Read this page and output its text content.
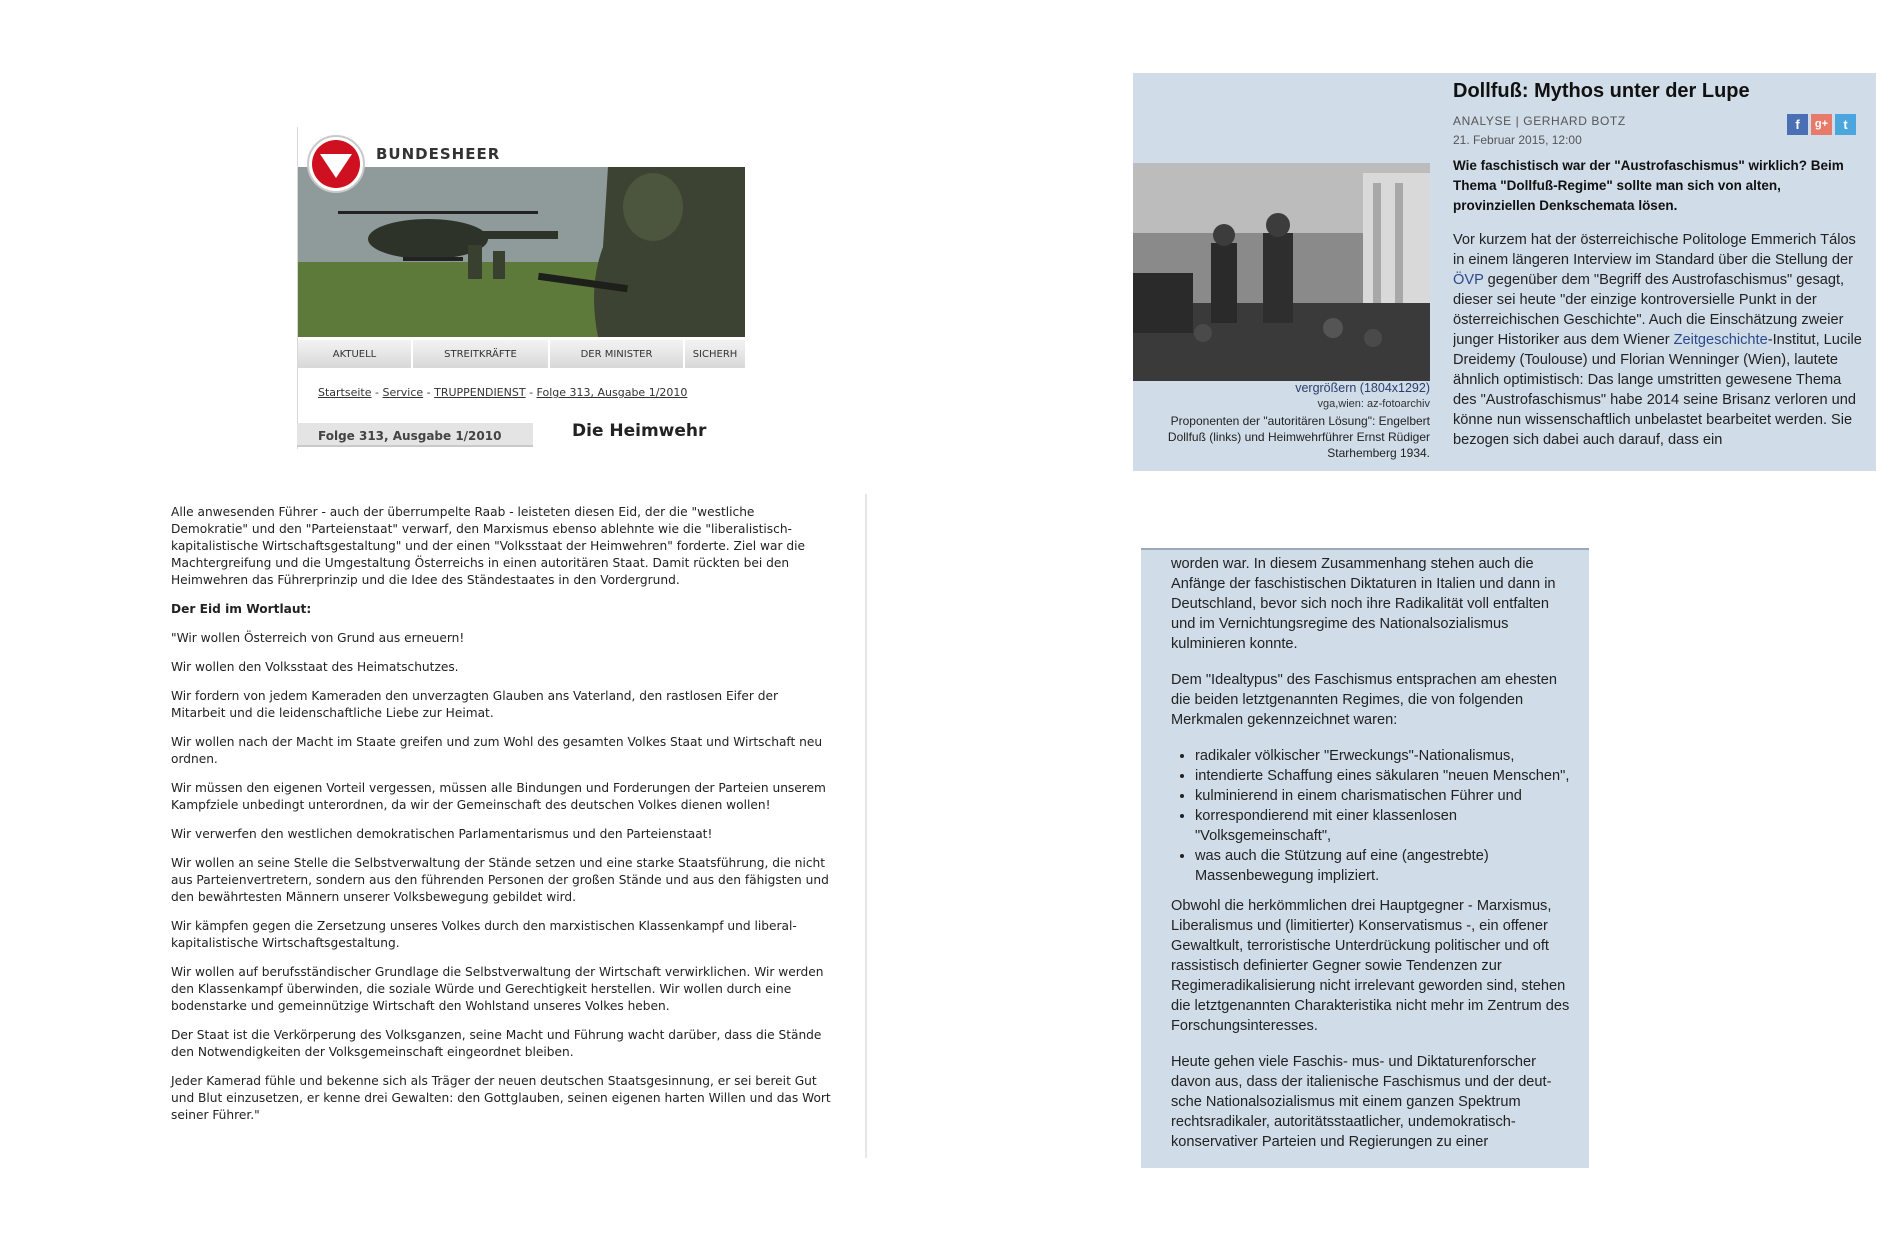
BUNDESHEER
AKTUELL	STREITKRÄFTE	DER MINISTER	SICHERH
Startseite - Service - TRUPPENDIENST - Folge 313, Ausgabe 1/2010
Folge 313, Ausgabe 1/2010	Die Heimwehr

Alle anwesenden Führer - auch der überrumpelte Raab - leisteten diesen Eid, der die "westliche Demokratie" und den "Parteienstaat" verwarf, den Marxismus ebenso ablehnte wie die "liberalistisch-kapitalistische Wirtschaftsgestaltung" und der einen "Volksstaat der Heimwehren" forderte. Ziel war die Machtergreifung und die Umgestaltung Österreichs in einen autoritären Staat. Damit rückten bei den Heimwehren das Führerprinzip und die Idee des Ständestaates in den Vordergrund.

Der Eid im Wortlaut:

"Wir wollen Österreich von Grund aus erneuern!

Wir wollen den Volksstaat des Heimatschutzes.

Wir fordern von jedem Kameraden den unverzagten Glauben ans Vaterland, den rastlosen Eifer der Mitarbeit und die leidenschaftliche Liebe zur Heimat.

Wir wollen nach der Macht im Staate greifen und zum Wohl des gesamten Volkes Staat und Wirtschaft neu ordnen.

Wir müssen den eigenen Vorteil vergessen, müssen alle Bindungen und Forderungen der Parteien unserem Kampfziele unbedingt unterordnen, da wir der Gemeinschaft des deutschen Volkes dienen wollen!

Wir verwerfen den westlichen demokratischen Parlamentarismus und den Parteienstaat!

Wir wollen an seine Stelle die Selbstverwaltung der Stände setzen und eine starke Staatsführung, die nicht aus Parteienvertretern, sondern aus den führenden Personen der großen Stände und aus den fähigsten und den bewährtesten Männern unserer Volksbewegung gebildet wird.

Wir kämpfen gegen die Zersetzung unseres Volkes durch den marxistischen Klassenkampf und liberal-kapitalistische Wirtschaftsgestaltung.

Wir wollen auf berufsständischer Grundlage die Selbstverwaltung der Wirtschaft verwirklichen. Wir werden den Klassenkampf überwinden, die soziale Würde und Gerechtigkeit herstellen. Wir wollen durch eine bodenstarke und gemeinnützige Wirtschaft den Wohlstand unseres Volkes heben.

Der Staat ist die Verkörperung des Volksganzen, seine Macht und Führung wacht darüber, dass die Stände den Notwendigkeiten der Volksgemeinschaft eingeordnet bleiben.

Jeder Kamerad fühle und bekenne sich als Träger der neuen deutschen Staatsgesinnung, er sei bereit Gut und Blut einzusetzen, er kenne drei Gewalten: den Gottglauben, seinen eigenen harten Willen und das Wort seiner Führer."

Dollfuß: Mythos unter der Lupe
ANALYSE | GERHARD BOTZ
21. Februar 2015, 12:00
f	g+	t
vergrößern (1804x1292)
vga,wien: az-fotoarchiv
Proponenten der "autoritären Lösung": Engelbert Dollfuß (links) und Heimwehrführer Ernst Rüdiger Starhemberg 1934.
Wie faschistisch war der "Austrofaschismus" wirklich? Beim Thema "Dollfuß-Regime" sollte man sich von alten, provinziellen Denkschemata lösen.
Vor kurzem hat der österreichische Politologe Emmerich Tálos in einem längeren Interview im Standard über die Stellung der ÖVP gegenüber dem "Begriff des Austrofaschismus" gesagt, dieser sei heute "der einzige kontroversielle Punkt in der österreichischen Geschichte". Auch die Einschätzung zweier junger Historiker aus dem Wiener Zeitgeschichte-Institut, Lucile Dreidemy (Toulouse) und Florian Wenninger (Wien), lautete ähnlich optimistisch: Das lange umstritten gewesene Thema des "Austrofaschismus" habe 2014 seine Brisanz verloren und könne nun wissenschaftlich unbelastet bearbeitet werden. Sie bezogen sich dabei auch darauf, dass ein

worden war. In diesem Zusammenhang stehen auch die Anfänge der faschistischen Diktaturen in Italien und dann in Deutschland, bevor sich noch ihre Radikalität voll entfalten und im Vernichtungsregime des Nationalsozialismus kulminieren konnte.

Dem "Idealtypus" des Faschismus entsprachen am ehesten die beiden letztgenannten Regimes, die von folgenden Merkmalen gekennzeichnet waren:

• radikaler völkischer "Erweckungs"-Nationalismus,
• intendierte Schaffung eines säkularen "neuen Menschen",
• kulminierend in einem charismatischen Führer und
• korrespondierend mit einer klassenlosen "Volksgemeinschaft",
• was auch die Stützung auf eine (angestrebte) Massenbewegung impliziert.

Obwohl die herkömmlichen drei Hauptgegner - Marxismus, Liberalismus und (limitierter) Konservatismus -, ein offener Gewaltkult, terroristische Unterdrückung politischer und oft rassistisch definierter Gegner sowie Tendenzen zur Regimeradikalisierung nicht irrelevant geworden sind, stehen die letztgenannten Charakteristika nicht mehr im Zentrum des Forschungsinteresses.

Heute gehen viele Faschis- mus- und Diktaturenforscher davon aus, dass der italienische Faschismus und der deut- sche Nationalsozialismus mit einem ganzen Spektrum rechtsradikaler, autoritätsstaatlicher, undemokratisch-konservativer Parteien und Regierungen zu einer
